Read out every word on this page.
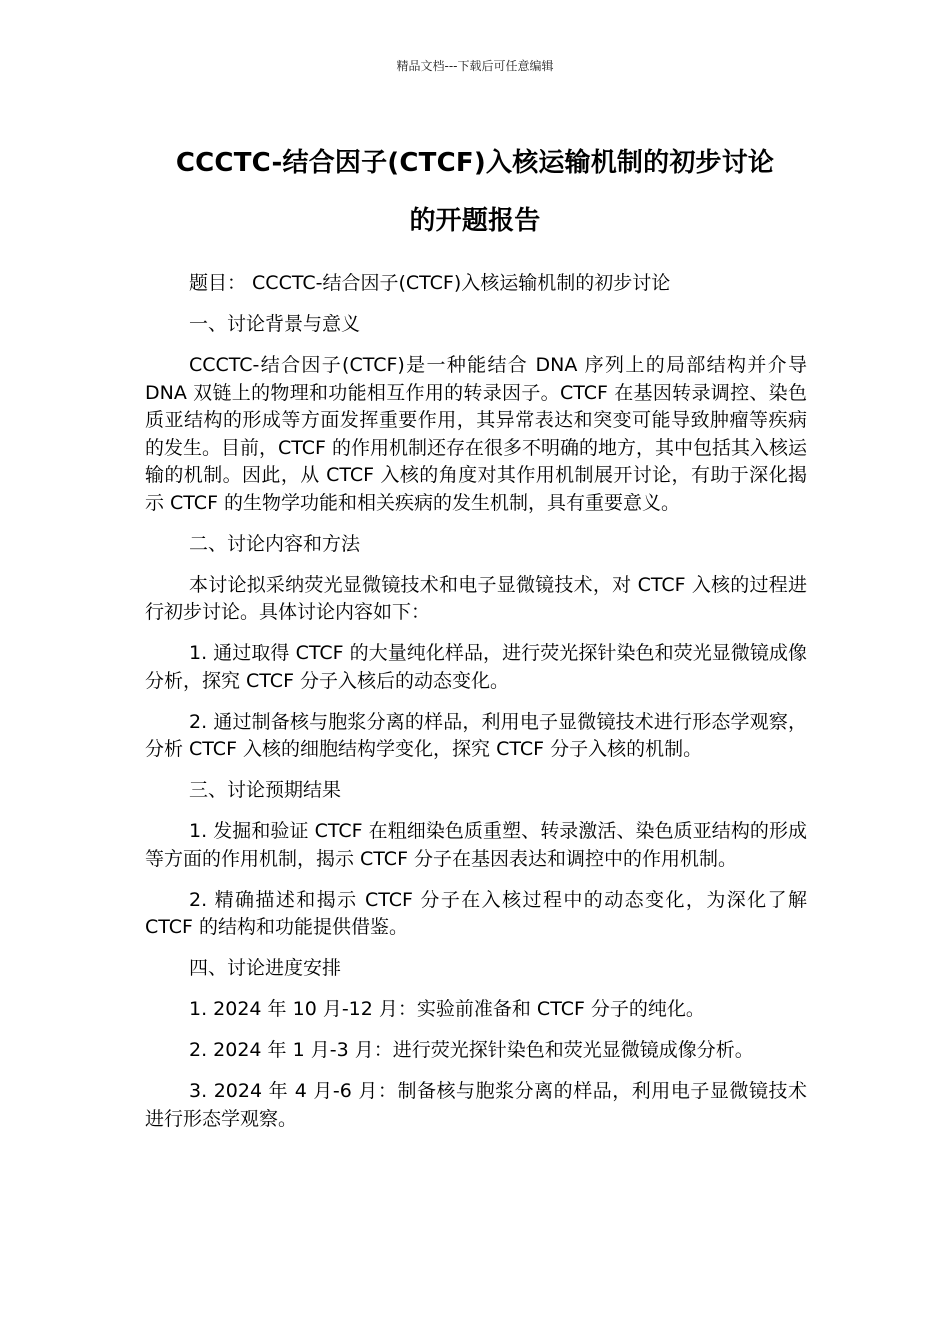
精品文档---下载后可任意编辑
CCCTC-结合因子(CTCF)入核运输机制的初步讨论
的开题报告

题目： CCCTC-结合因子(CTCF)入核运输机制的初步讨论

一、讨论背景与意义

CCCTC-结合因子(CTCF)是一种能结合 DNA 序列上的局部结构并介导 DNA 双链上的物理和功能相互作用的转录因子。CTCF 在基因转录调控、染色质亚结构的形成等方面发挥重要作用，其异常表达和突变可能导致肿瘤等疾病的发生。目前，CTCF 的作用机制还存在很多不明确的地方，其中包括其入核运输的机制。因此，从 CTCF 入核的角度对其作用机制展开讨论，有助于深化揭示 CTCF 的生物学功能和相关疾病的发生机制，具有重要意义。

二、讨论内容和方法

本讨论拟采纳荧光显微镜技术和电子显微镜技术，对 CTCF 入核的过程进行初步讨论。具体讨论内容如下：

1. 通过取得 CTCF 的大量纯化样品，进行荧光探针染色和荧光显微镜成像分析，探究 CTCF 分子入核后的动态变化。

2. 通过制备核与胞浆分离的样品，利用电子显微镜技术进行形态学观察，分析 CTCF 入核的细胞结构学变化，探究 CTCF 分子入核的机制。

三、讨论预期结果

1. 发掘和验证 CTCF 在粗细染色质重塑、转录激活、染色质亚结构的形成等方面的作用机制，揭示 CTCF 分子在基因表达和调控中的作用机制。

2. 精确描述和揭示 CTCF 分子在入核过程中的动态变化，为深化了解 CTCF 的结构和功能提供借鉴。

四、讨论进度安排

1. 2024 年 10 月-12 月：实验前准备和 CTCF 分子的纯化。

2. 2024 年 1 月-3 月：进行荧光探针染色和荧光显微镜成像分析。

3. 2024 年 4 月-6 月：制备核与胞浆分离的样品，利用电子显微镜技术进行形态学观察。
